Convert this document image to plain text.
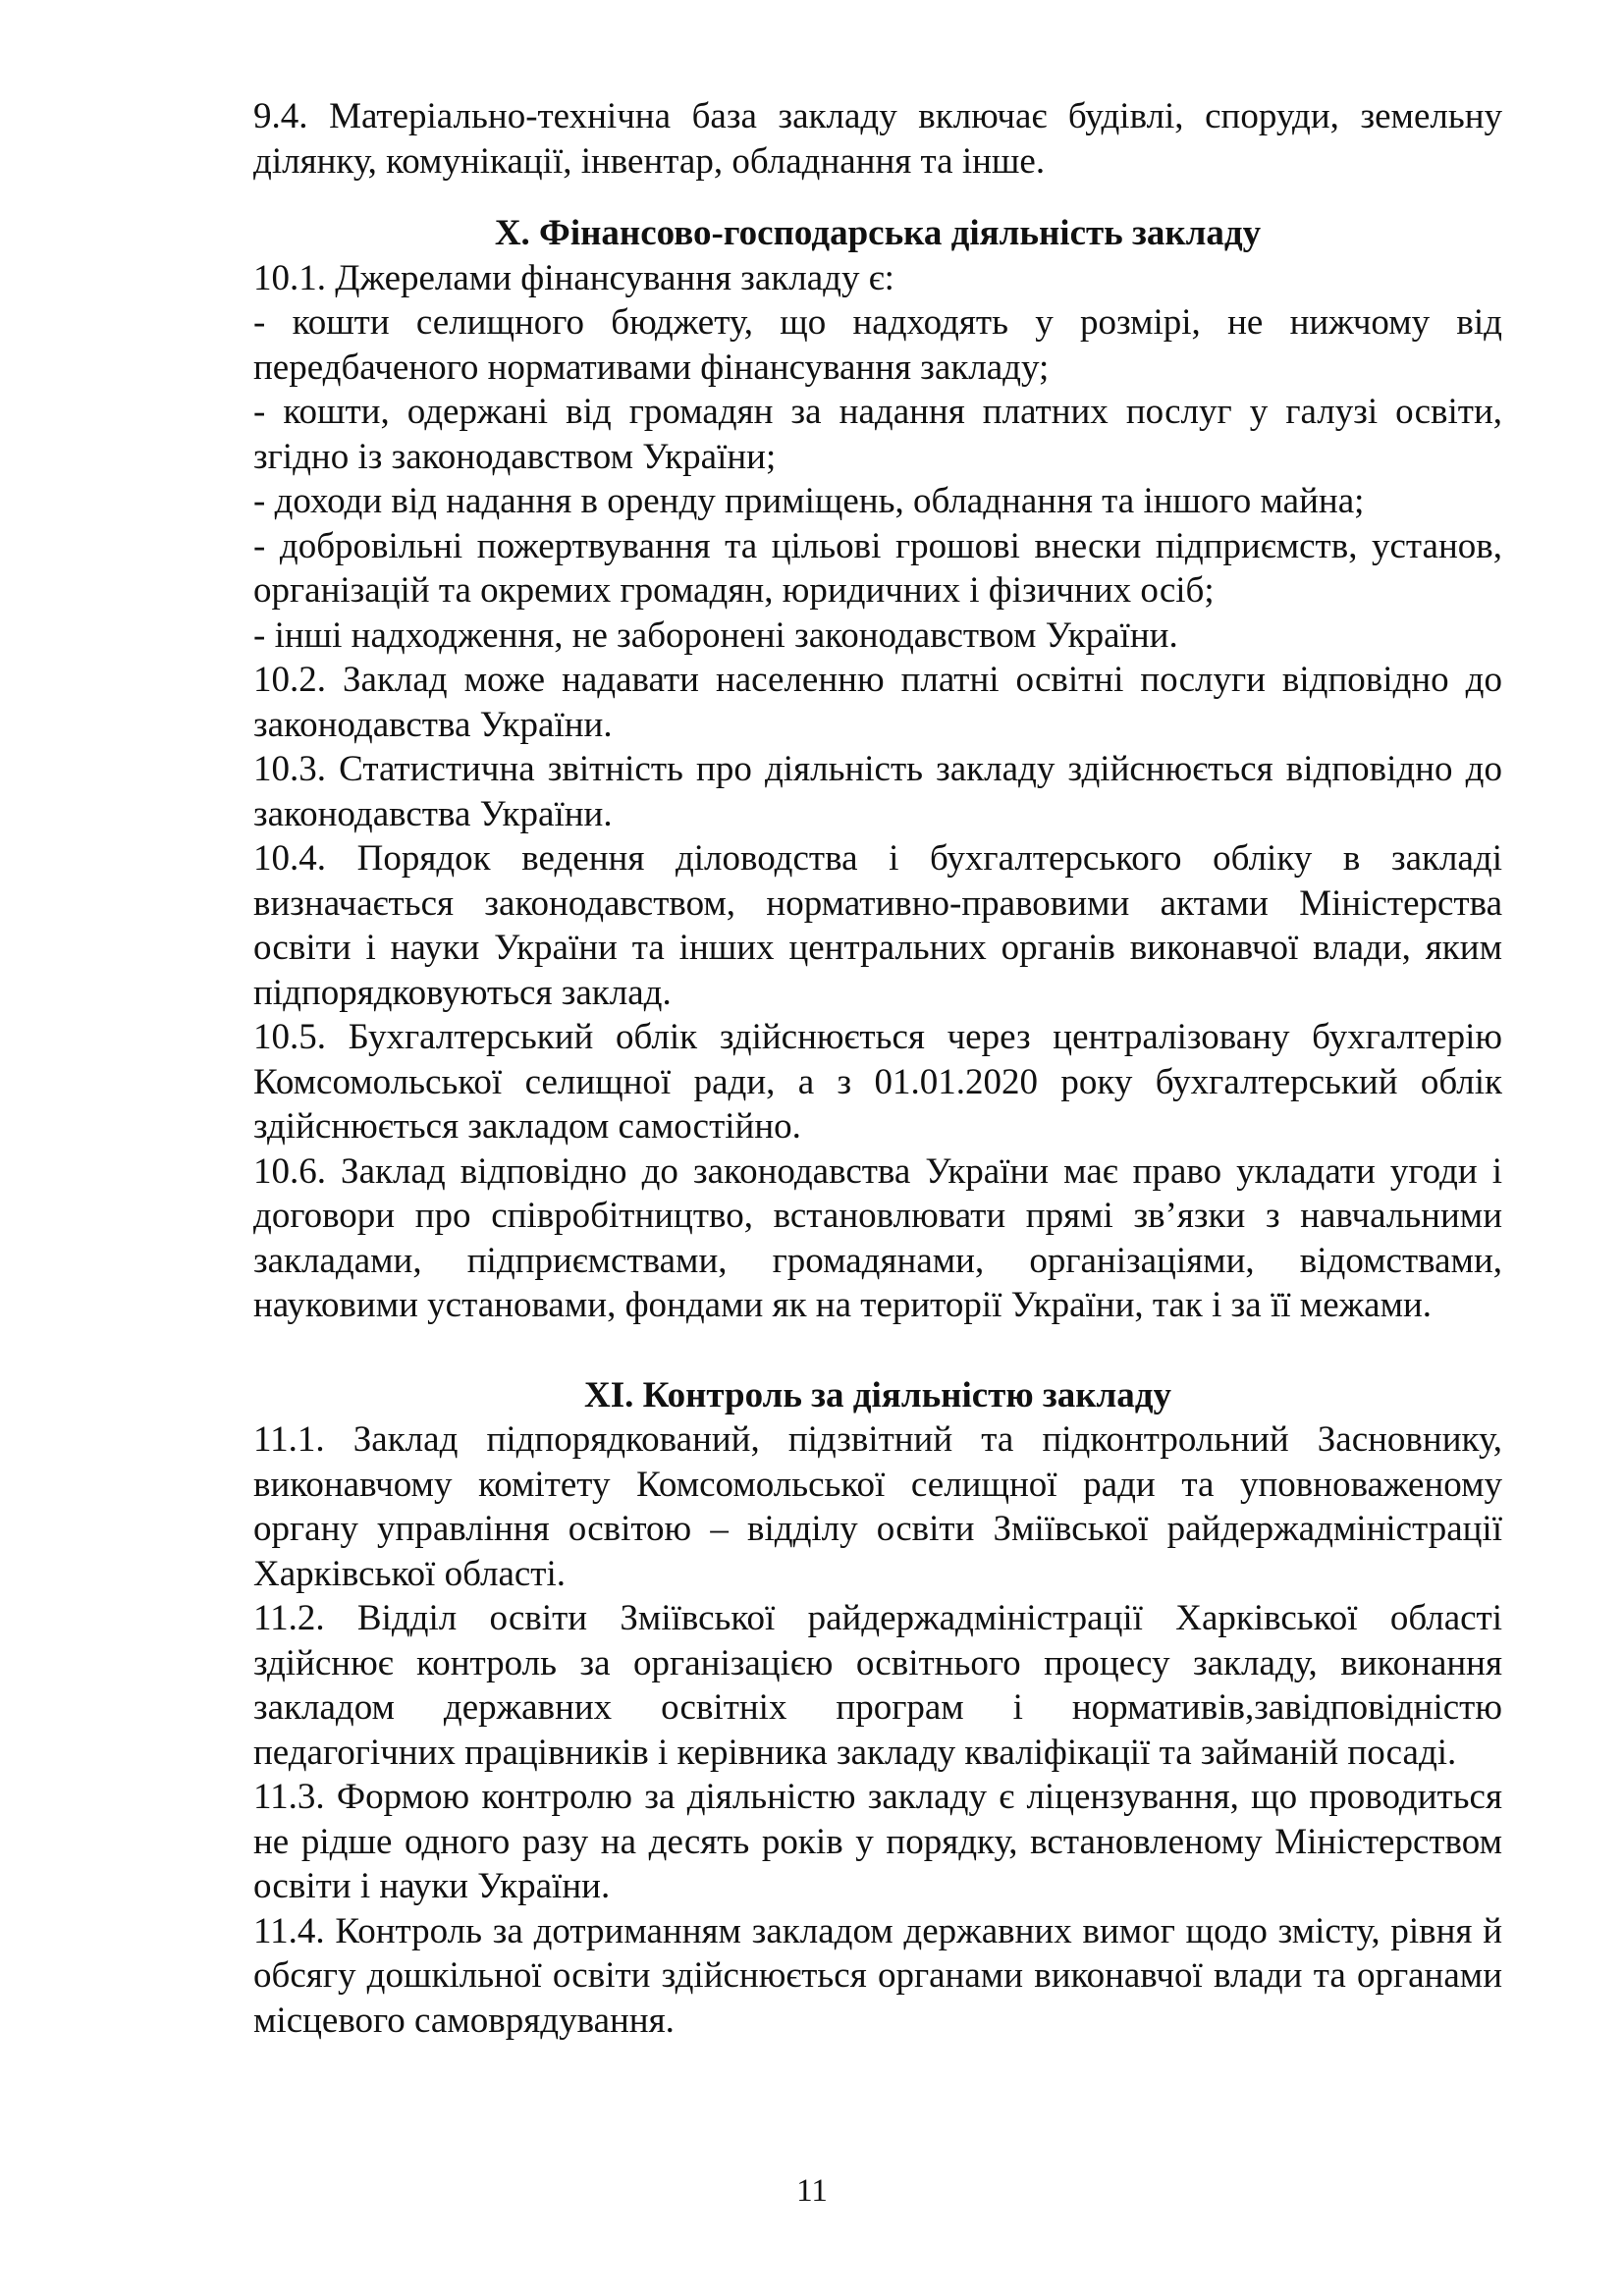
9.4. Матеріально-технічна база закладу включає будівлі, споруди, земельну ділянку, комунікації, інвентар, обладнання та інше.

X. Фінансово-господарська діяльність закладу

10.1. Джерелами фінансування закладу є:

- кошти селищного бюджету, що надходять у розмірі, не нижчому від передбаченого нормативами фінансування закладу;

- кошти, одержані від громадян за надання платних послуг у галузі освіти, згідно із законодавством України;

- доходи від надання в оренду приміщень, обладнання та іншого майна;

- добровільні пожертвування та цільові грошові внески підприємств, установ, організацій та окремих громадян, юридичних і фізичних осіб;

- інші надходження, не заборонені законодавством України.

10.2. Заклад може надавати населенню платні освітні послуги відповідно до законодавства України.

10.3. Статистична звітність про діяльність закладу здійснюється відповідно до законодавства України.

10.4. Порядок ведення діловодства і бухгалтерського обліку в закладі визначається законодавством, нормативно-правовими актами Міністерства освіти і науки України та інших центральних органів виконавчої влади, яким підпорядковуються заклад.

10.5. Бухгалтерський облік здійснюється через централізовану бухгалтерію Комсомольської селищної ради, а з 01.01.2020 року бухгалтерський облік здійснюється закладом самостійно.

10.6. Заклад відповідно до законодавства України має право укладати угоди і договори про співробітництво, встановлювати прямі зв’язки з навчальними закладами, підприємствами, громадянами, організаціями, відомствами, науковими установами, фондами як на території України, так і за її межами.

XI. Контроль за діяльністю закладу

11.1. Заклад підпорядкований, підзвітний та підконтрольний Засновнику, виконавчому комітету Комсомольської селищної ради та уповноваженому органу управління освітою – відділу освіти Зміївської райдержадміністрації Харківської області.

11.2. Відділ освіти Зміївської райдержадміністрації Харківської області здійснює контроль за організацією освітнього процесу закладу, виконання закладом державних освітніх програм і нормативів,завідповідністю педагогічних працівників і керівника закладу кваліфікації та займаній посаді.

11.3. Формою контролю за діяльністю закладу є ліцензування, що проводиться не рідше одного разу на десять років у порядку, встановленому Міністерством освіти і науки України.

11.4. Контроль за дотриманням закладом державних вимог щодо змісту, рівня й обсягу дошкільної освіти здійснюється органами виконавчої влади та органами місцевого самоврядування.

11
